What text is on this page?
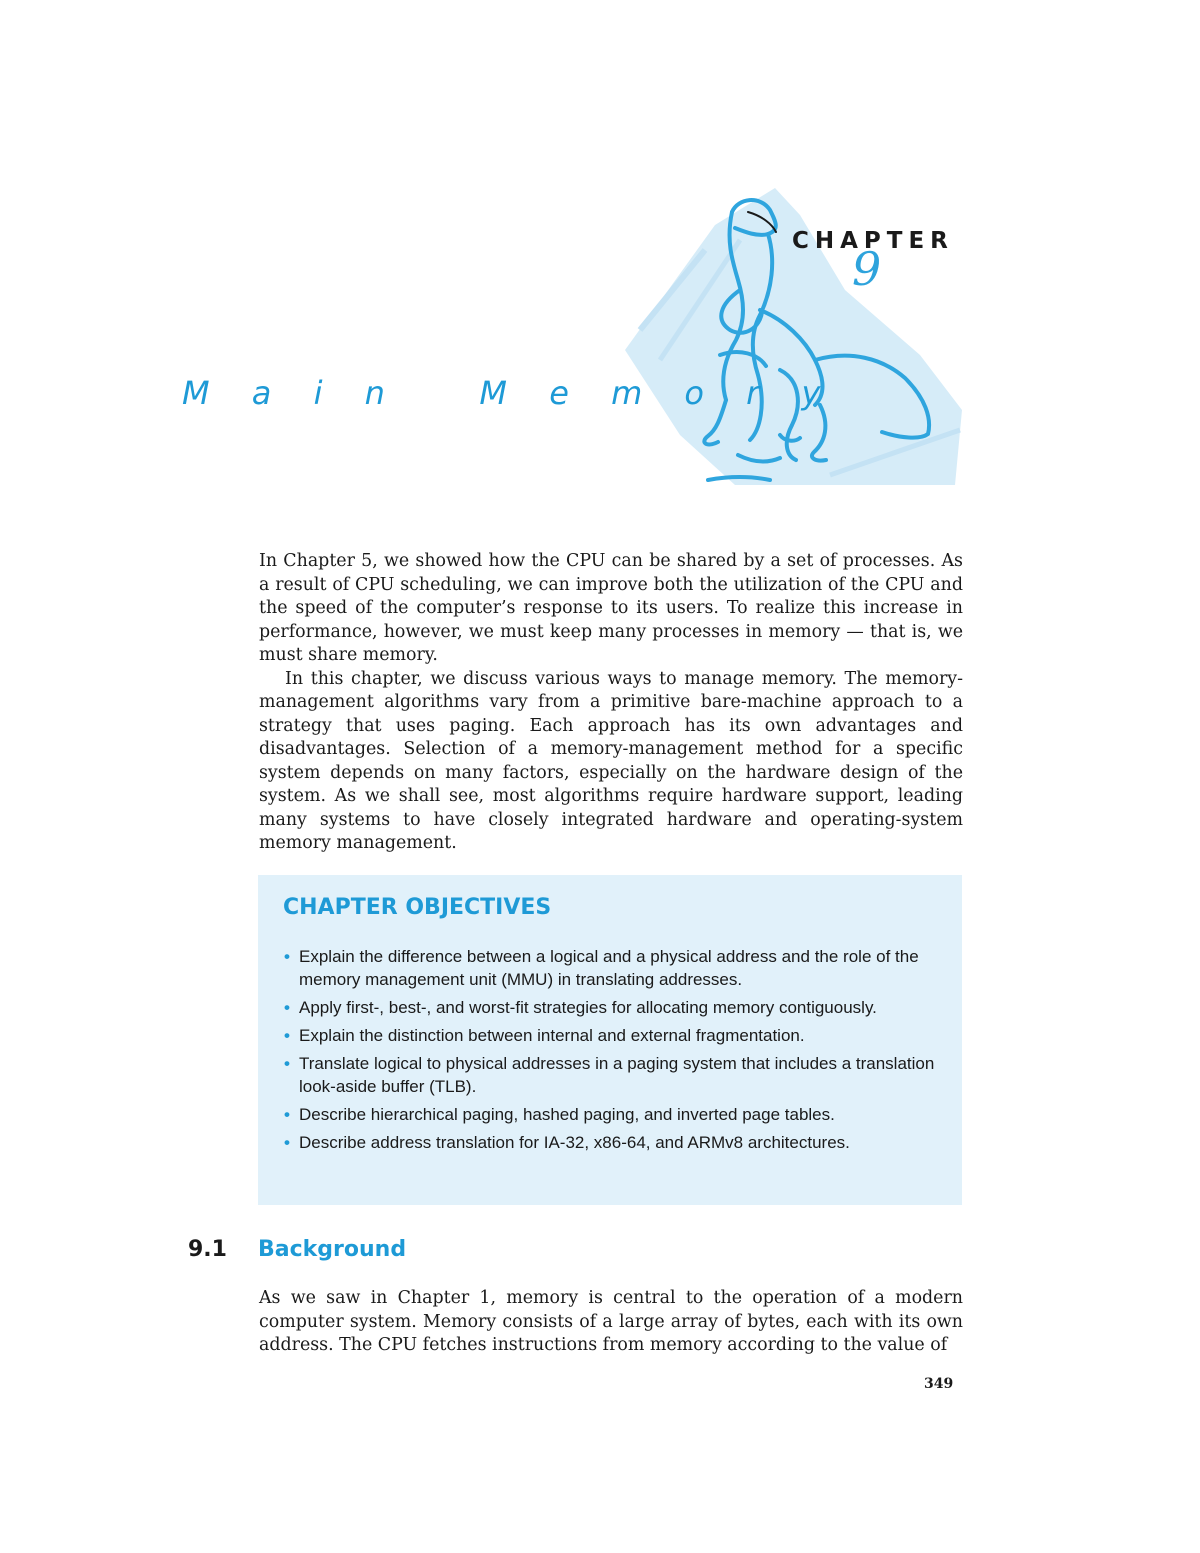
CHAPTER
9
M a i n   M e m o r y

In Chapter 5, we showed how the CPU can be shared by a set of processes. As a result of CPU scheduling, we can improve both the utilization of the CPU and the speed of the computer’s response to its users. To realize this increase in performance, however, we must keep many processes in memory — that is, we must share memory.

In this chapter, we discuss various ways to manage memory. The memory-management algorithms vary from a primitive bare-machine approach to a strategy that uses paging. Each approach has its own advantages and disadvantages. Selection of a memory-management method for a specific system depends on many factors, especially on the hardware design of the system. As we shall see, most algorithms require hardware support, leading many systems to have closely integrated hardware and operating-system memory management.

CHAPTER OBJECTIVES
• Explain the difference between a logical and a physical address and the role of the memory management unit (MMU) in translating addresses.
• Apply first-, best-, and worst-fit strategies for allocating memory contiguously.
• Explain the distinction between internal and external fragmentation.
• Translate logical to physical addresses in a paging system that includes a translation look-aside buffer (TLB).
• Describe hierarchical paging, hashed paging, and inverted page tables.
• Describe address translation for IA-32, x86-64, and ARMv8 architectures.
9.1 Background

As we saw in Chapter 1, memory is central to the operation of a modern computer system. Memory consists of a large array of bytes, each with its own address. The CPU fetches instructions from memory according to the value of

349
